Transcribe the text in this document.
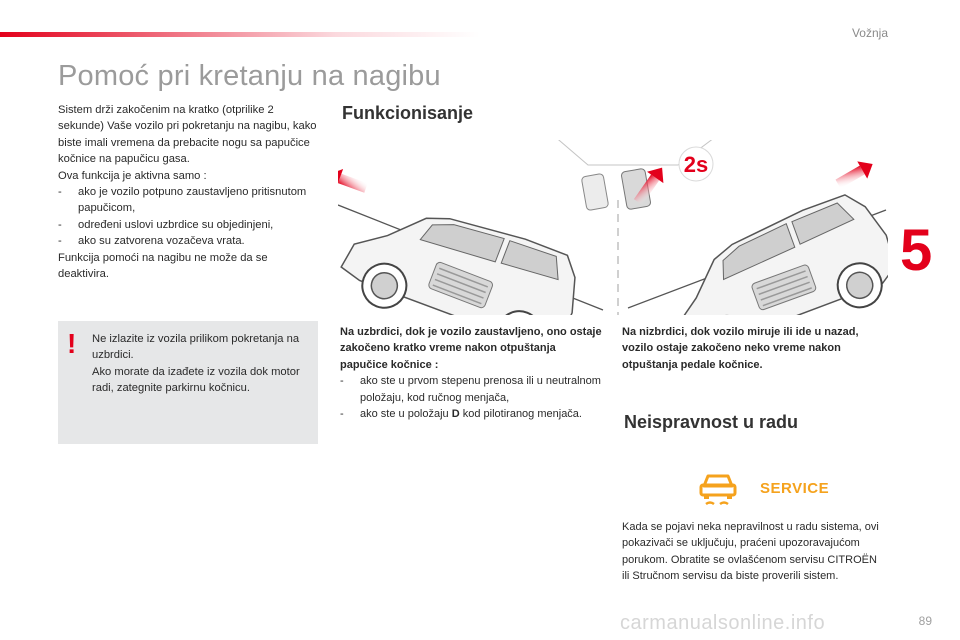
Vožnja
5
Pomoć pri kretanju na nagibu

Sistem drži zakočenim na kratko (otprilike 2 sekunde) Vaše vozilo pri pokretanju na nagibu, kako biste imali vremena da prebacite nogu sa papučice kočnice na papučicu gasa.

Ova funkcija je aktivna samo :

- ako je vozilo potpuno zaustavljeno pritisnutom papučicom,

- određeni uslovi uzbrdice su objedinjeni,

- ako su zatvorena vozačeva vrata.

Funkcija pomoći na nagibu ne može da se deaktivira.

!	Ne izlazite iz vozila prilikom pokretanja na uzbrdici.

Ako morate da izađete iz vozila dok motor radi, zategnite parkirnu kočnicu.

Funkcionisanje
2s

Na uzbrdici, dok je vozilo zaustavljeno, ono ostaje zakočeno kratko vreme nakon otpuštanja papučice kočnice :

- ako ste u prvom stepenu prenosa ili u neutralnom položaju, kod ručnog menjača,

- ako ste u položaju D kod pilotiranog menjača.

Na nizbrdici, dok vozilo miruje ili ide u nazad, vozilo ostaje zakočeno neko vreme nakon otpuštanja pedale kočnice.
Neispravnost u radu
SERVICE
Kada se pojavi neka nepravilnost u radu sistema, ovi pokazivači se uključuju, praćeni upozoravajućom porukom. Obratite se ovlašćenom servisu CITROËN ili Stručnom servisu da biste proverili sistem.
carmanualsonline.info	89
